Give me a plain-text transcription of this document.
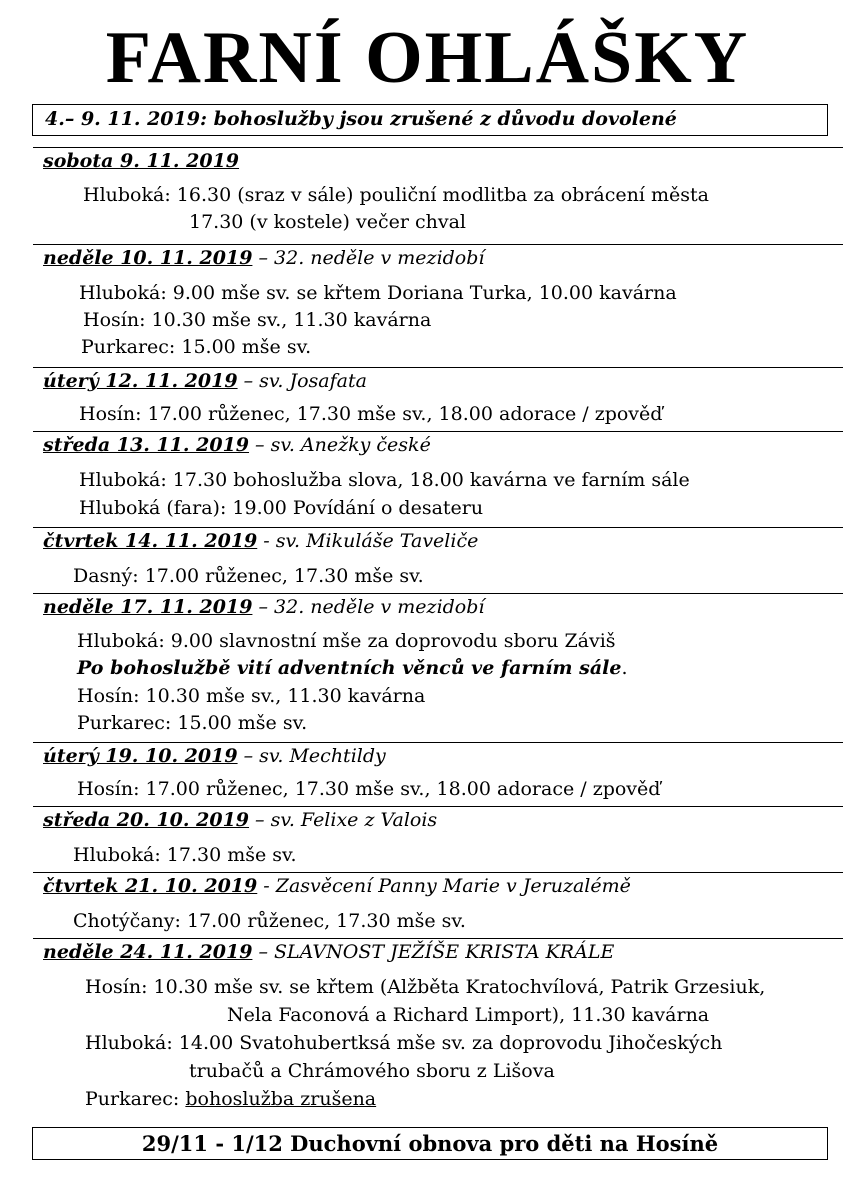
FARNÍ OHLÁŠKY
4.– 9. 11. 2019: bohoslužby jsou zrušené z důvodu dovolené
sobota 9. 11. 2019
Hluboká: 16.30 (sraz v sále) pouliční modlitba za obrácení města
17.30 (v kostele) večer chval
neděle 10. 11. 2019 – 32. neděle v mezidobí
Hluboká: 9.00 mše sv. se křtem Doriana Turka, 10.00 kavárna
Hosín: 10.30 mše sv., 11.30 kavárna
Purkarec: 15.00 mše sv.
úterý 12. 11. 2019 – sv. Josafata
Hosín: 17.00 růženec, 17.30 mše sv., 18.00 adorace / zpověď
středa 13. 11. 2019 – sv. Anežky české
Hluboká: 17.30 bohoslužba slova, 18.00 kavárna ve farním sále
Hluboká (fara): 19.00 Povídání o desateru
čtvrtek 14. 11. 2019 - sv. Mikuláše Taveliče
Dasný: 17.00 růženec, 17.30 mše sv.
neděle 17. 11. 2019 – 32. neděle v mezidobí
Hluboká: 9.00 slavnostní mše za doprovodu sboru Záviš
Po bohoslužbě vití adventních věnců ve farním sále.
Hosín: 10.30 mše sv., 11.30 kavárna
Purkarec: 15.00 mše sv.
úterý 19. 10. 2019 – sv. Mechtildy
Hosín: 17.00 růženec, 17.30 mše sv., 18.00 adorace / zpověď
středa 20. 10. 2019 – sv. Felixe z Valois
Hluboká: 17.30 mše sv.
čtvrtek 21. 10. 2019 - Zasvěcení Panny Marie v Jeruzalémě
Chotýčany: 17.00 růženec, 17.30 mše sv.
neděle 24. 11. 2019 – SLAVNOST JEŽÍŠE KRISTA KRÁLE
Hosín: 10.30 mše sv. se křtem (Alžběta Kratochvílová, Patrik Grzesiuk,
Nela Faconová a Richard Limport), 11.30 kavárna
Hluboká: 14.00 Svatohubertksá mše sv. za doprovodu Jihočeských
trubačů a Chrámového sboru z Lišova
Purkarec: bohoslužba zrušena
29/11 - 1/12 Duchovní obnova pro děti na Hosíně
